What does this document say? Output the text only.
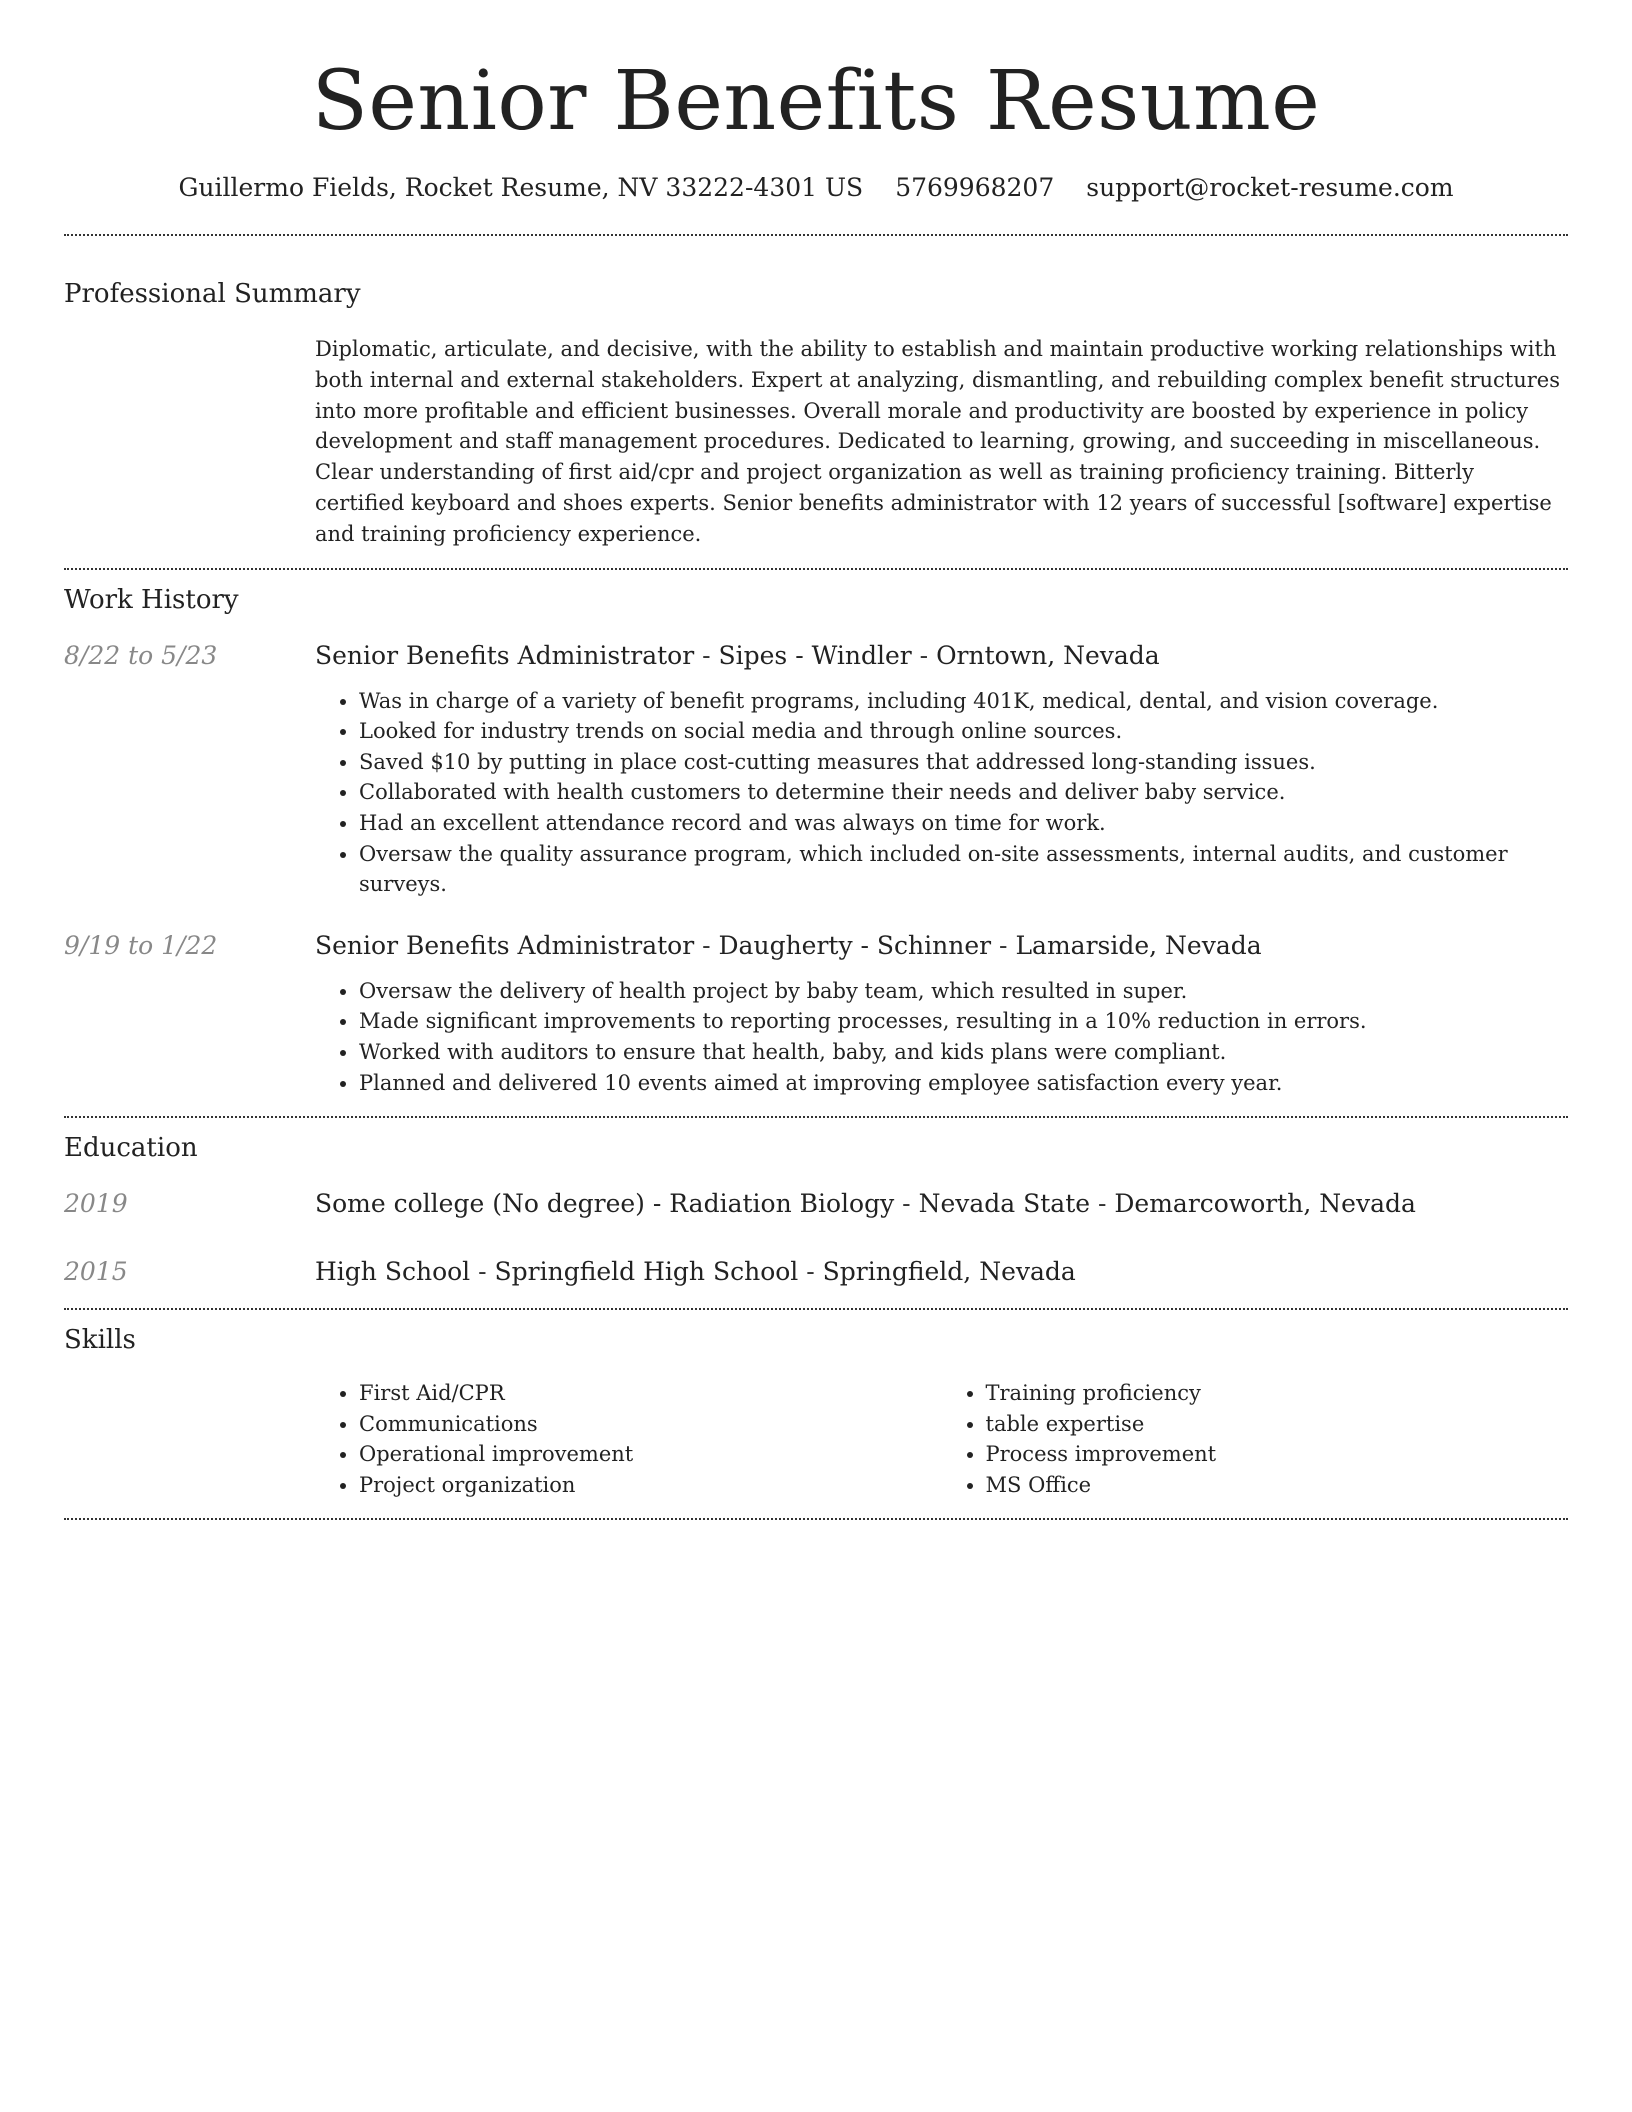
Senior Benefits Resume
Guillermo Fields, Rocket Resume, NV 33222-4301 US 5769968207 support@rocket-resume.com
Professional Summary

Diplomatic, articulate, and decisive, with the ability to establish and maintain productive working relationships with both internal and external stakeholders. Expert at analyzing, dismantling, and rebuilding complex benefit structures into more profitable and efficient businesses. Overall morale and productivity are boosted by experience in policy development and staff management procedures. Dedicated to learning, growing, and succeeding in miscellaneous. Clear understanding of first aid/cpr and project organization as well as training proficiency training. Bitterly certified keyboard and shoes experts. Senior benefits administrator with 12 years of successful [software] expertise and training proficiency experience.

Work History
8/22 to 5/23	Senior Benefits Administrator - Sipes - Windler - Orntown, Nevada
• Was in charge of a variety of benefit programs, including 401K, medical, dental, and vision coverage.
• Looked for industry trends on social media and through online sources.
• Saved $10 by putting in place cost-cutting measures that addressed long-standing issues.
• Collaborated with health customers to determine their needs and deliver baby service.
• Had an excellent attendance record and was always on time for work.
• Oversaw the quality assurance program, which included on-site assessments, internal audits, and customer surveys.
9/19 to 1/22	Senior Benefits Administrator - Daugherty - Schinner - Lamarside, Nevada
• Oversaw the delivery of health project by baby team, which resulted in super.
• Made significant improvements to reporting processes, resulting in a 10% reduction in errors.
• Worked with auditors to ensure that health, baby, and kids plans were compliant.
• Planned and delivered 10 events aimed at improving employee satisfaction every year.
Education
2019	Some college (No degree) - Radiation Biology - Nevada State - Demarcoworth, Nevada
2015	High School - Springfield High School - Springfield, Nevada
Skills
• First Aid/CPR
• Communications
• Operational improvement
• Project organization
• Training proficiency
• table expertise
• Process improvement
• MS Office
